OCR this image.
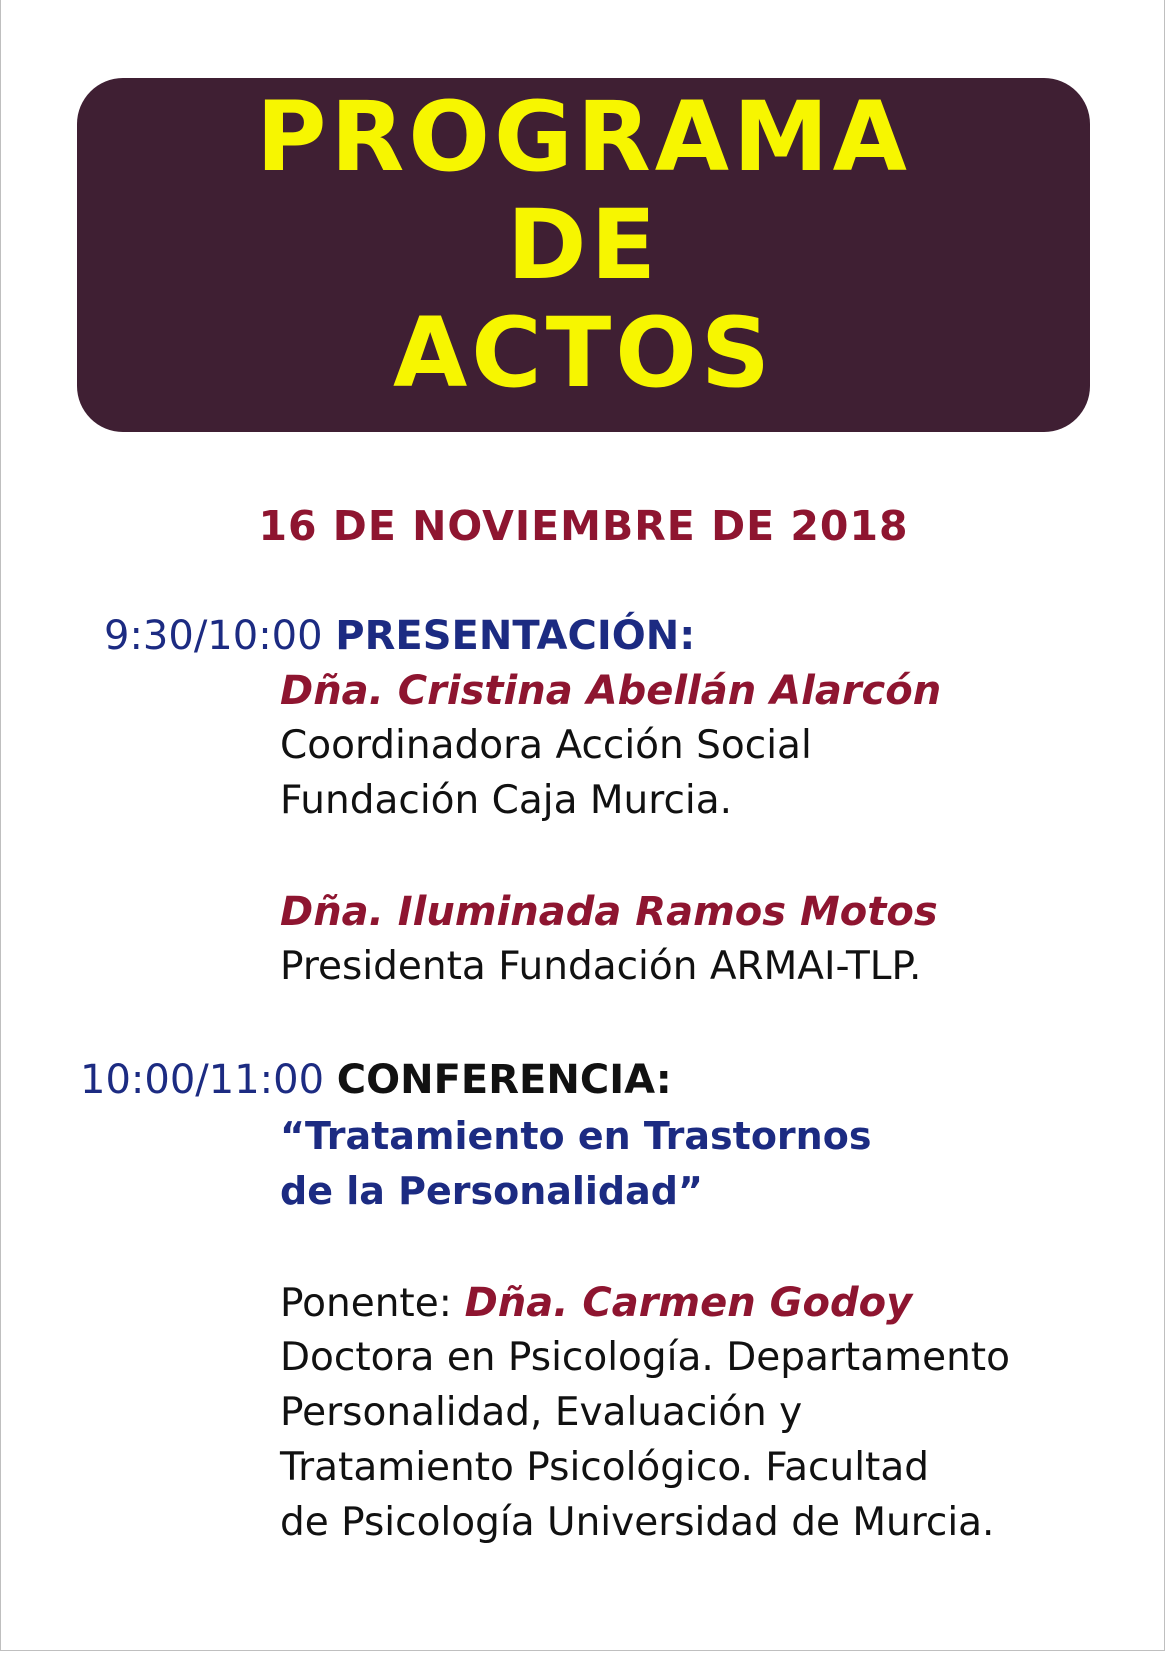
PROGRAMA
DE
ACTOS
16 DE NOVIEMBRE DE 2018
9:30/10:00 PRESENTACIÓN:
Dña. Cristina Abellán Alarcón
Coordinadora Acción Social
Fundación Caja Murcia.
Dña. Iluminada Ramos Motos
Presidenta Fundación ARMAI-TLP.
10:00/11:00 CONFERENCIA:
“Tratamiento en Trastornos
de la Personalidad”
Ponente: Dña. Carmen Godoy
Doctora en Psicología. Departamento
Personalidad, Evaluación y
Tratamiento Psicológico. Facultad
de Psicología Universidad de Murcia.
